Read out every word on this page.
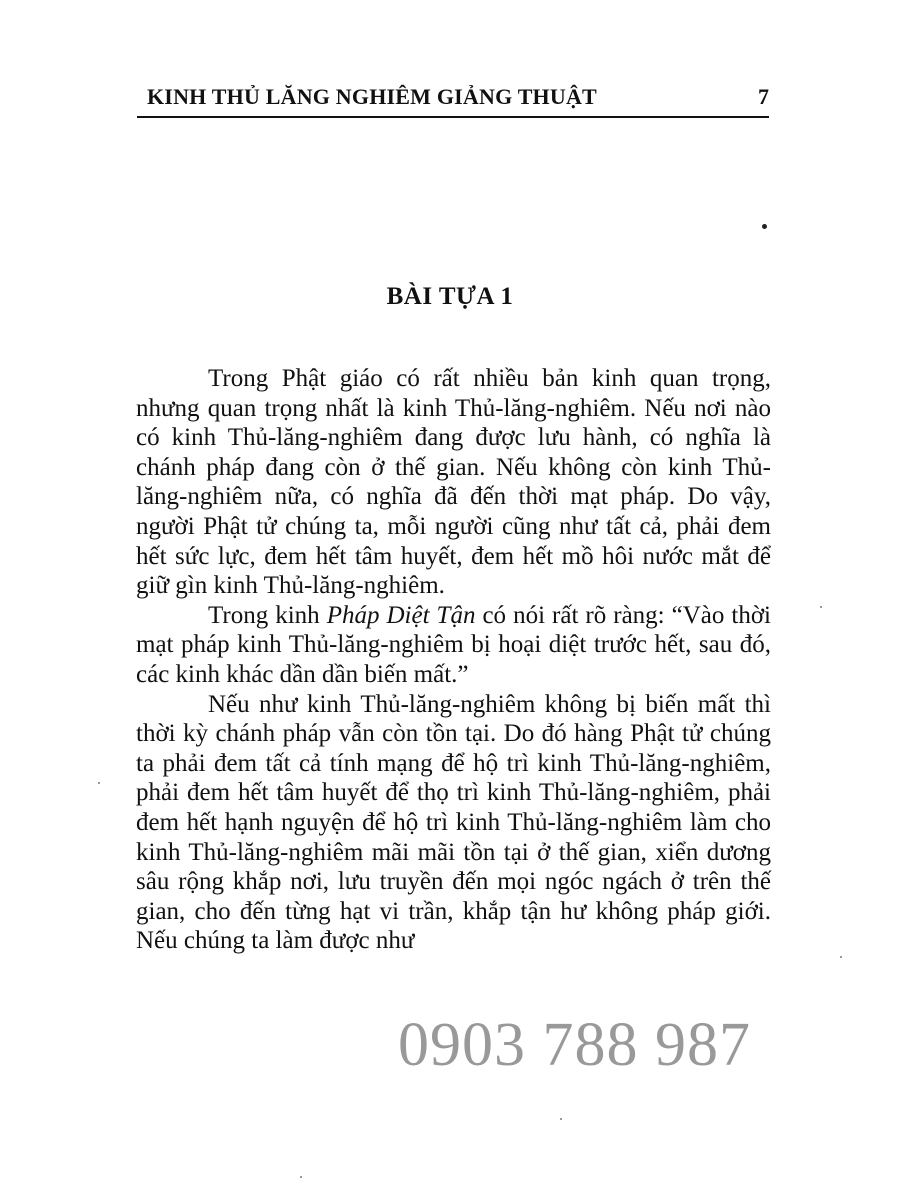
KINH THỦ LĂNG NGHIÊM GIẢNG THUẬT	7
BÀI TỰA 1

Trong Phật giáo có rất nhiều bản kinh quan trọng, nhưng quan trọng nhất là kinh Thủ-lăng-nghiêm. Nếu nơi nào có kinh Thủ-lăng-nghiêm đang được lưu hành, có nghĩa là chánh pháp đang còn ở thế gian. Nếu không còn kinh Thủ-lăng-nghiêm nữa, có nghĩa đã đến thời mạt pháp. Do vậy, người Phật tử chúng ta, mỗi người cũng như tất cả, phải đem hết sức lực, đem hết tâm huyết, đem hết mồ hôi nước mắt để giữ gìn kinh Thủ-lăng-nghiêm.

Trong kinh Pháp Diệt Tận có nói rất rõ ràng: “Vào thời mạt pháp kinh Thủ-lăng-nghiêm bị hoại diệt trước hết, sau đó, các kinh khác dần dần biến mất.”

Nếu như kinh Thủ-lăng-nghiêm không bị biến mất thì thời kỳ chánh pháp vẫn còn tồn tại. Do đó hàng Phật tử chúng ta phải đem tất cả tính mạng để hộ trì kinh Thủ-lăng-nghiêm, phải đem hết tâm huyết để thọ trì kinh Thủ-lăng-nghiêm, phải đem hết hạnh nguyện để hộ trì kinh Thủ-lăng-nghiêm làm cho kinh Thủ-lăng-nghiêm mãi mãi tồn tại ở thế gian, xiển dương sâu rộng khắp nơi, lưu truyền đến mọi ngóc ngách ở trên thế gian, cho đến từng hạt vi trần, khắp tận hư không pháp giới. Nếu chúng ta làm được như

0903 788 987
